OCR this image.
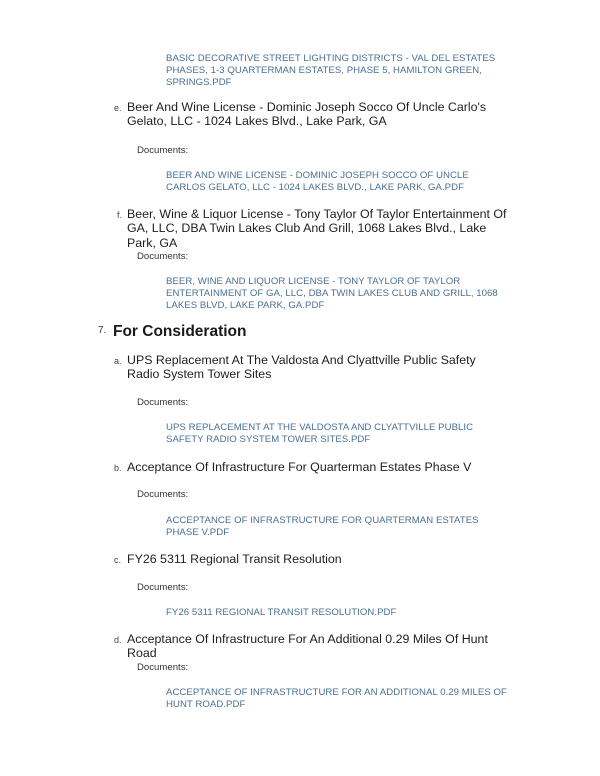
BASIC DECORATIVE STREET LIGHTING DISTRICTS - VAL DEL ESTATES PHASES, 1-3 QUARTERMAN ESTATES, PHASE 5, HAMILTON GREEN, SPRINGS.PDF
e. Beer And Wine License - Dominic Joseph Socco Of Uncle Carlo's Gelato, LLC - 1024 Lakes Blvd., Lake Park, GA
Documents:
BEER AND WINE LICENSE - DOMINIC JOSEPH SOCCO OF UNCLE CARLOS GELATO, LLC - 1024 LAKES BLVD., LAKE PARK, GA.PDF
f. Beer, Wine & Liquor License - Tony Taylor Of Taylor Entertainment Of GA, LLC, DBA Twin Lakes Club And Grill, 1068 Lakes Blvd., Lake Park, GA
Documents:
BEER, WINE AND LIQUOR LICENSE - TONY TAYLOR OF TAYLOR ENTERTAINMENT OF GA, LLC, DBA TWIN LAKES CLUB AND GRILL, 1068 LAKES BLVD, LAKE PARK, GA.PDF
7. For Consideration
a. UPS Replacement At The Valdosta And Clyattville Public Safety Radio System Tower Sites
Documents:
UPS REPLACEMENT AT THE VALDOSTA AND CLYATTVILLE PUBLIC SAFETY RADIO SYSTEM TOWER SITES.PDF
b. Acceptance Of Infrastructure For Quarterman Estates Phase V
Documents:
ACCEPTANCE OF INFRASTRUCTURE FOR QUARTERMAN ESTATES PHASE V.PDF
c. FY26 5311 Regional Transit Resolution
Documents:
FY26 5311 REGIONAL TRANSIT RESOLUTION.PDF
d. Acceptance Of Infrastructure For An Additional 0.29 Miles Of Hunt Road
Documents:
ACCEPTANCE OF INFRASTRUCTURE FOR AN ADDITIONAL 0.29 MILES OF HUNT ROAD.PDF
